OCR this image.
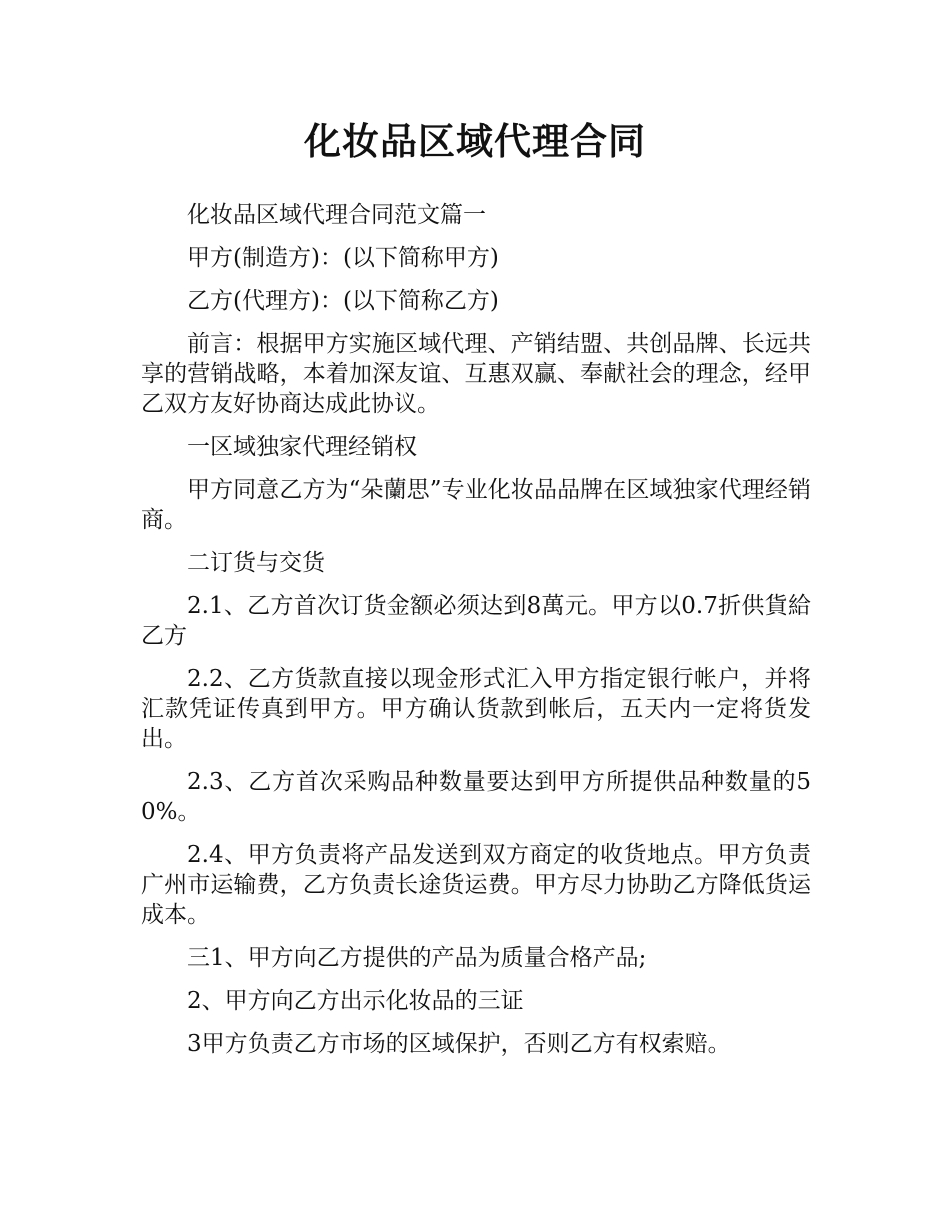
化妆品区域代理合同

化妆品区域代理合同范文篇一

甲方(制造方)：(以下简称甲方)

乙方(代理方)：(以下简称乙方)

前言：根据甲方实施区域代理、产销结盟、共创品牌、长远共享的营销战略，本着加深友谊、互惠双赢、奉献社会的理念，经甲乙双方友好协商达成此协议。

一区域独家代理经销权

甲方同意乙方为“朵蘭思”专业化妆品品牌在区域独家代理经销商。

二订货与交货

2.1、乙方首次订货金额必须达到8萬元。甲方以0.7折供貨給乙方

2.2、乙方货款直接以现金形式汇入甲方指定银行帐户，并将汇款凭证传真到甲方。甲方确认货款到帐后，五天内一定将货发出。

2.3、乙方首次采购品种数量要达到甲方所提供品种数量的50%。

2.4、甲方负责将产品发送到双方商定的收货地点。甲方负责广州市运输费，乙方负责长途货运费。甲方尽力协助乙方降低货运成本。

三1、甲方向乙方提供的产品为质量合格产品;

2、甲方向乙方出示化妆品的三证

3甲方负责乙方市场的区域保护，否则乙方有权索赔。
